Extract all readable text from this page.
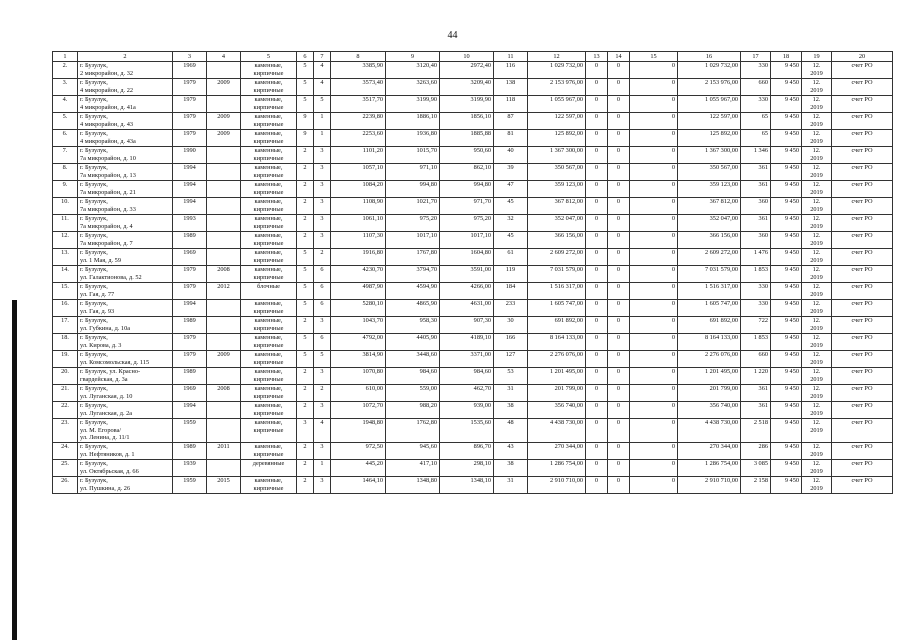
44
1	2	3	4	5	6	7	8	9	10	11	12	13	14	15	16	17	18	19	20
2.	г. Бузулук,
2 микрорайон, д. 32	1969		каменные,
кирпичные	5	4	3385,90	3120,40	2972,40	116	1 029 732,00	0	0	0	1 029 732,00	330	9 450	12.
2019	счет РО
3.	г. Бузулук,
4 микрорайон, д. 22	1979	2009	каменные,
кирпичные	5	4	3573,40	3263,60	3209,40	138	2 153 976,00	0	0	0	2 153 976,00	660	9 450	12.
2019	счет РО
4.	г. Бузулук,
4 микрорайон, д. 41а	1979		каменные,
кирпичные	5	5	3517,70	3199,90	3199,90	118	1 055 967,00	0	0	0	1 055 967,00	330	9 450	12.
2019	счет РО
5.	г. Бузулук,
4 микрорайон, д. 43	1979	2009	каменные,
кирпичные	9	1	2239,80	1886,10	1856,10	87	122 597,00	0	0	0	122 597,00	65	9 450	12.
2019	счет РО
6.	г. Бузулук,
4 микрорайон, д. 43а	1979	2009	каменные,
кирпичные	9	1	2253,60	1936,80	1885,88	81	125 892,00	0	0	0	125 892,00	65	9 450	12.
2019	счет РО
7.	г. Бузулук,
7а микрорайон, д. 10	1990		каменные,
кирпичные	2	3	1101,20	1015,70	950,60	40	1 367 300,00	0	0	0	1 367 300,00	1 346	9 450	12.
2019	счет РО
8.	г. Бузулук,
7а микрорайон, д. 13	1994		каменные,
кирпичные	2	3	1057,10	971,10	862,10	39	350 567,00	0	0	0	350 567,00	361	9 450	12.
2019	счет РО
9.	г. Бузулук,
7а микрорайон, д. 21	1994		каменные,
кирпичные	2	3	1084,20	994,80	994,80	47	359 123,00	0	0	0	359 123,00	361	9 450	12.
2019	счет РО
10.	г. Бузулук,
7а микрорайон, д. 33	1994		каменные,
кирпичные	2	3	1108,90	1021,70	971,70	45	367 812,00	0	0	0	367 812,00	360	9 450	12.
2019	счет РО
11.	г. Бузулук,
7а микрорайон, д. 4	1993		каменные,
кирпичные	2	3	1061,10	975,20	975,20	32	352 047,00	0	0	0	352 047,00	361	9 450	12.
2019	счет РО
12.	г. Бузулук,
7а микрорайон, д. 7	1989		каменные,
кирпичные	2	3	1107,30	1017,10	1017,10	45	366 156,00	0	0	0	366 156,00	360	9 450	12.
2019	счет РО
13.	г. Бузулук,
ул. 1 Мая, д. 59	1969		каменные,
кирпичные	5	2	1916,80	1767,80	1604,80	61	2 609 272,00	0	0	0	2 609 272,00	1 476	9 450	12.
2019	счет РО
14.	г. Бузулук,
ул. Галактионова, д. 52	1979	2008	каменные,
кирпичные	5	6	4230,70	3794,70	3591,00	119	7 031 579,00	0	0	0	7 031 579,00	1 853	9 450	12.
2019	счет РО
15.	г. Бузулук,
ул. Гая, д. 77	1979	2012	блочные	5	6	4987,90	4594,90	4266,00	184	1 516 317,00	0	0	0	1 516 317,00	330	9 450	12.
2019	счет РО
16.	г. Бузулук,
ул. Гая, д. 93	1994		каменные,
кирпичные	5	6	5280,10	4865,90	4631,00	233	1 605 747,00	0	0	0	1 605 747,00	330	9 450	12.
2019	счет РО
17.	г. Бузулук,
ул. Губкина, д. 10а	1989		каменные,
кирпичные	2	3	1043,70	958,30	907,30	30	691 892,00	0	0	0	691 892,00	722	9 450	12.
2019	счет РО
18.	г. Бузулук,
ул. Кирова, д. 3	1979		каменные,
кирпичные	5	6	4792,00	4405,90	4189,10	166	8 164 133,00	0	0	0	8 164 133,00	1 853	9 450	12.
2019	счет РО
19.	г. Бузулук,
ул. Комсомольская, д. 115	1979	2009	каменные,
кирпичные	5	5	3814,90	3448,60	3371,00	127	2 276 076,00	0	0	0	2 276 076,00	660	9 450	12.
2019	счет РО
20.	г. Бузулук, ул. Красно-
гвардейская, д. 3а	1989		каменные,
кирпичные	2	3	1070,80	984,60	984,60	53	1 201 495,00	0	0	0	1 201 495,00	1 220	9 450	12.
2019	счет РО
21.	г. Бузулук,
ул. Луганская, д. 10	1969	2008	каменные,
кирпичные	2	2	610,00	559,00	462,70	31	201 799,00	0	0	0	201 799,00	361	9 450	12.
2019	счет РО
22.	г. Бузулук,
ул. Луганская, д. 2а	1994		каменные,
кирпичные	2	3	1072,70	988,20	939,00	38	356 740,00	0	0	0	356 740,00	361	9 450	12.
2019	счет РО
23.	г. Бузулук,
ул. М. Егорова/
ул. Ленина, д. 11/1	1959		каменные,
кирпичные	3	4	1948,80	1762,80	1535,60	48	4 438 730,00	0	0	0	4 438 730,00	2 518	9 450	12.
2019	счет РО
24.	г. Бузулук,
ул. Нефтяников, д. 1	1989	2011	каменные,
кирпичные	2	3	972,50	945,60	896,70	43	270 344,00	0	0	0	270 344,00	286	9 450	12.
2019	счет РО
25.	г. Бузулук,
ул. Октябрьская, д. 66	1939		деревянные	2	1	445,20	417,10	298,10	38	1 286 754,00	0	0	0	1 286 754,00	3 085	9 450	12.
2019	счет РО
26.	г. Бузулук,
ул. Пушкина, д. 26	1959	2015	каменные,
кирпичные	2	3	1464,10	1348,80	1348,10	31	2 910 710,00	0	0	0	2 910 710,00	2 158	9 450	12.
2019	счет РО
